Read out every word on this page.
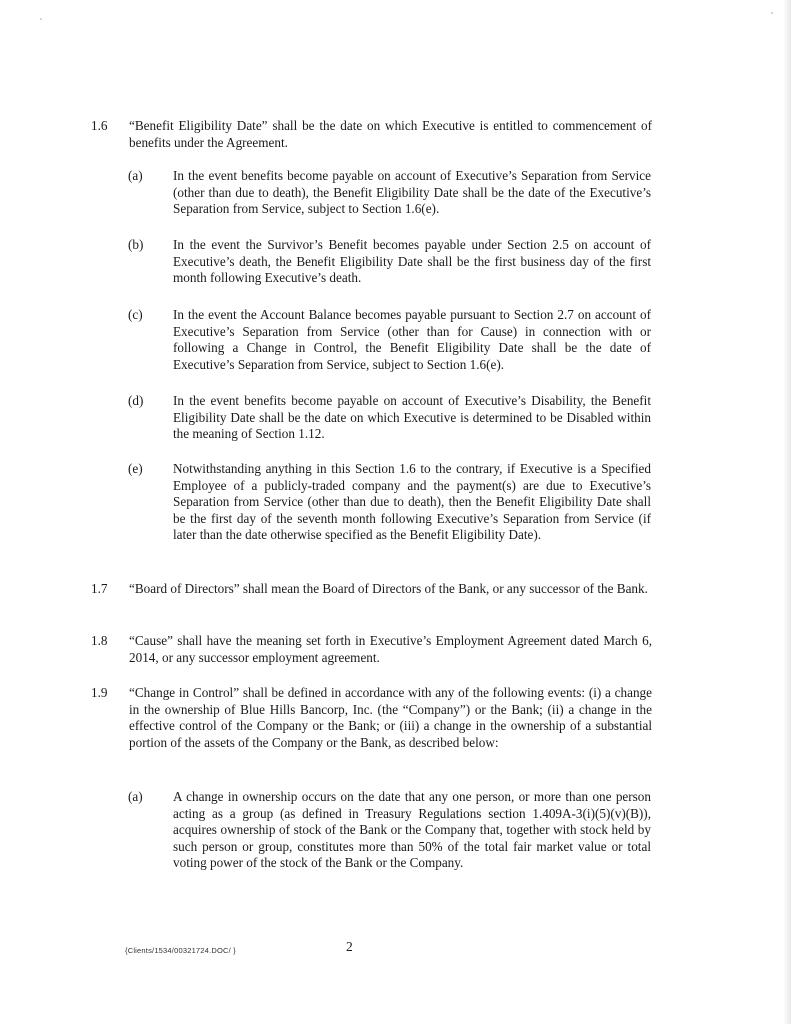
1.6 “Benefit Eligibility Date” shall be the date on which Executive is entitled to commencement of benefits under the Agreement.
(a) In the event benefits become payable on account of Executive’s Separation from Service (other than due to death), the Benefit Eligibility Date shall be the date of the Executive’s Separation from Service, subject to Section 1.6(e).
(b) In the event the Survivor’s Benefit becomes payable under Section 2.5 on account of Executive’s death, the Benefit Eligibility Date shall be the first business day of the first month following Executive’s death.
(c) In the event the Account Balance becomes payable pursuant to Section 2.7 on account of Executive’s Separation from Service (other than for Cause) in connection with or following a Change in Control, the Benefit Eligibility Date shall be the date of Executive’s Separation from Service, subject to Section 1.6(e).
(d) In the event benefits become payable on account of Executive’s Disability, the Benefit Eligibility Date shall be the date on which Executive is determined to be Disabled within the meaning of Section 1.12.
(e) Notwithstanding anything in this Section 1.6 to the contrary, if Executive is a Specified Employee of a publicly-traded company and the payment(s) are due to Executive’s Separation from Service (other than due to death), then the Benefit Eligibility Date shall be the first day of the seventh month following Executive’s Separation from Service (if later than the date otherwise specified as the Benefit Eligibility Date).
1.7 “Board of Directors” shall mean the Board of Directors of the Bank, or any successor of the Bank.
1.8 “Cause” shall have the meaning set forth in Executive’s Employment Agreement dated March 6, 2014, or any successor employment agreement.
1.9 “Change in Control” shall be defined in accordance with any of the following events: (i) a change in the ownership of Blue Hills Bancorp, Inc. (the “Company”) or the Bank; (ii) a change in the effective control of the Company or the Bank; or (iii) a change in the ownership of a substantial portion of the assets of the Company or the Bank, as described below:
(a) A change in ownership occurs on the date that any one person, or more than one person acting as a group (as defined in Treasury Regulations section 1.409A-3(i)(5)(v)(B)), acquires ownership of stock of the Bank or the Company that, together with stock held by such person or group, constitutes more than 50% of the total fair market value or total voting power of the stock of the Bank or the Company.
{Clients/1534/00321724.DOC/ }	2
